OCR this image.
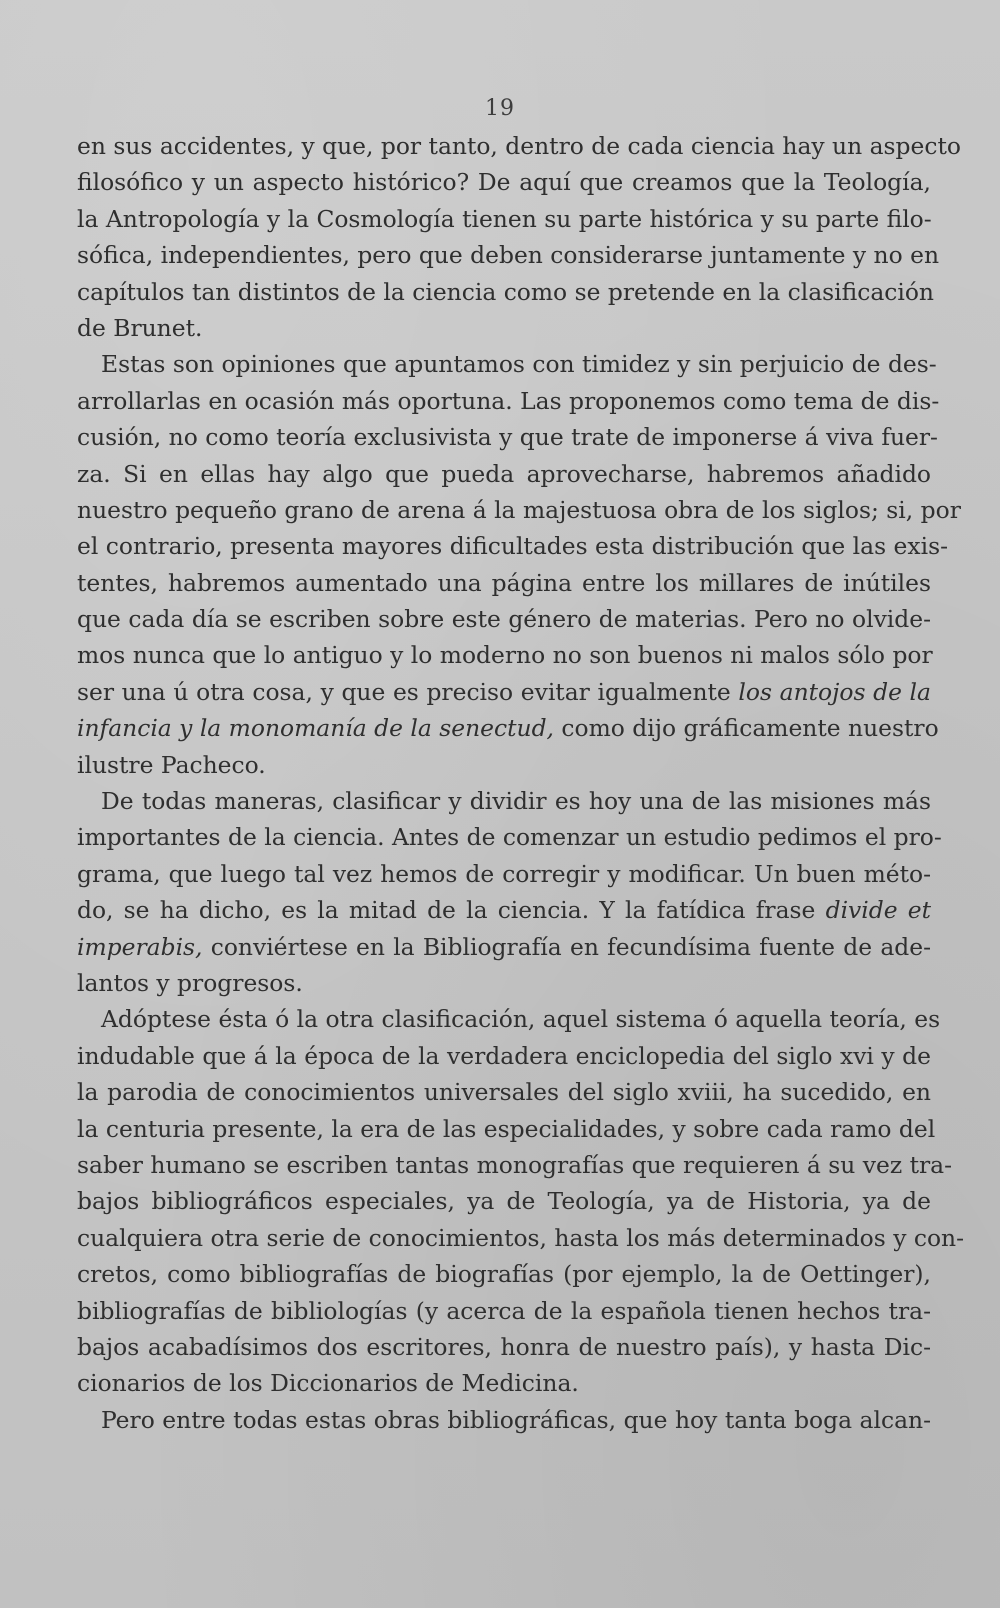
19
en sus accidentes, y que, por tanto, dentro de cada ciencia hay un aspecto
filosófico y un aspecto histórico? De aquí que creamos que la Teología,
la Antropología y la Cosmología tienen su parte histórica y su parte filo-
sófica, independientes, pero que deben considerarse juntamente y no en
capítulos tan distintos de la ciencia como se pretende en la clasificación
de Brunet.
Estas son opiniones que apuntamos con timidez y sin perjuicio de des-
arrollarlas en ocasión más oportuna. Las proponemos como tema de dis-
cusión, no como teoría exclusivista y que trate de imponerse á viva fuer-
za. Si en ellas hay algo que pueda aprovecharse, habremos añadido
nuestro pequeño grano de arena á la majestuosa obra de los siglos; si, por
el contrario, presenta mayores dificultades esta distribución que las exis-
tentes, habremos aumentado una página entre los millares de inútiles
que cada día se escriben sobre este género de materias. Pero no olvide-
mos nunca que lo antiguo y lo moderno no son buenos ni malos sólo por
ser una ú otra cosa, y que es preciso evitar igualmente los antojos de la
infancia y la monomanía de la senectud, como dijo gráficamente nuestro
ilustre Pacheco.
De todas maneras, clasificar y dividir es hoy una de las misiones más
importantes de la ciencia. Antes de comenzar un estudio pedimos el pro-
grama, que luego tal vez hemos de corregir y modificar. Un buen méto-
do, se ha dicho, es la mitad de la ciencia. Y la fatídica frase divide et
imperabis, conviértese en la Bibliografía en fecundísima fuente de ade-
lantos y progresos.
Adóptese ésta ó la otra clasificación, aquel sistema ó aquella teoría, es
indudable que á la época de la verdadera enciclopedia del siglo xvi y de
la parodia de conocimientos universales del siglo xviii, ha sucedido, en
la centuria presente, la era de las especialidades, y sobre cada ramo del
saber humano se escriben tantas monografías que requieren á su vez tra-
bajos bibliográficos especiales, ya de Teología, ya de Historia, ya de
cualquiera otra serie de conocimientos, hasta los más determinados y con-
cretos, como bibliografías de biografías (por ejemplo, la de Oettinger),
bibliografías de bibliologías (y acerca de la española tienen hechos tra-
bajos acabadísimos dos escritores, honra de nuestro país), y hasta Dic-
cionarios de los Diccionarios de Medicina.
Pero entre todas estas obras bibliográficas, que hoy tanta boga alcan-
